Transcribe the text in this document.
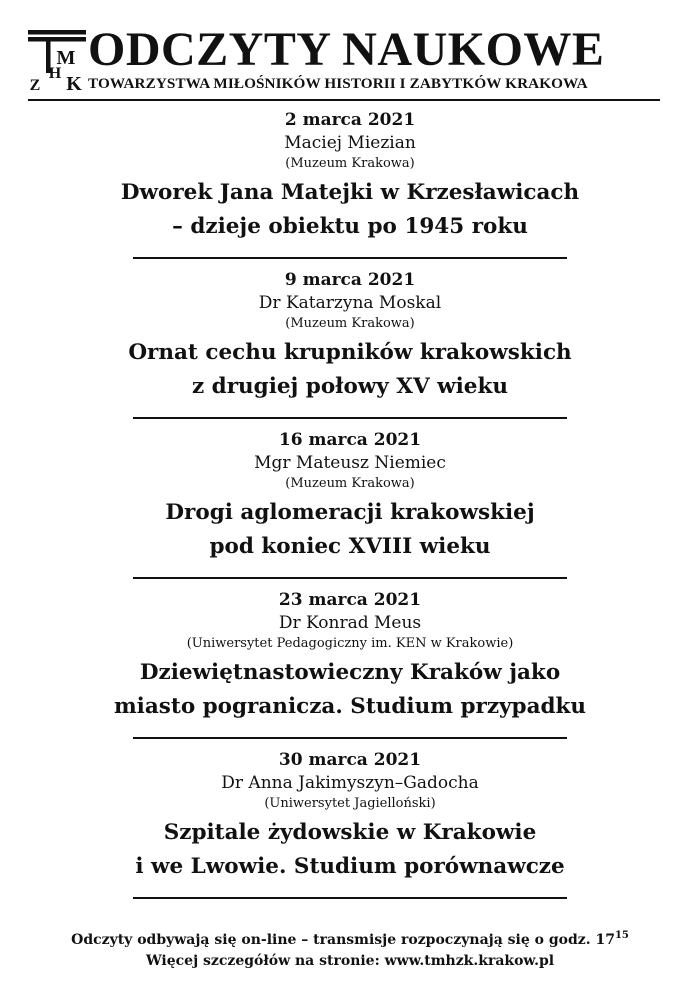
M
H
Z K
ODCZYTY NAUKOWE
TOWARZYSTWA MIŁOŚNIKÓW HISTORII I ZABYTKÓW KRAKOWA
2 marca 2021
Maciej Miezian
(Muzeum Krakowa)
Dworek Jana Matejki w Krzesławicach
– dzieje obiektu po 1945 roku
9 marca 2021
Dr Katarzyna Moskal
(Muzeum Krakowa)
Ornat cechu krupników krakowskich
z drugiej połowy XV wieku
16 marca 2021
Mgr Mateusz Niemiec
(Muzeum Krakowa)
Drogi aglomeracji krakowskiej
pod koniec XVIII wieku
23 marca 2021
Dr Konrad Meus
(Uniwersytet Pedagogiczny im. KEN w Krakowie)
Dziewiętnastowieczny Kraków jako
miasto pogranicza. Studium przypadku
30 marca 2021
Dr Anna Jakimyszyn–Gadocha
(Uniwersytet Jagielloński)
Szpitale żydowskie w Krakowie
i we Lwowie. Studium porównawcze
Odczyty odbywają się on-line – transmisje rozpoczynają się o godz. $17^{15}$
Więcej szczegółów na stronie: www.tmhzk.krakow.pl
